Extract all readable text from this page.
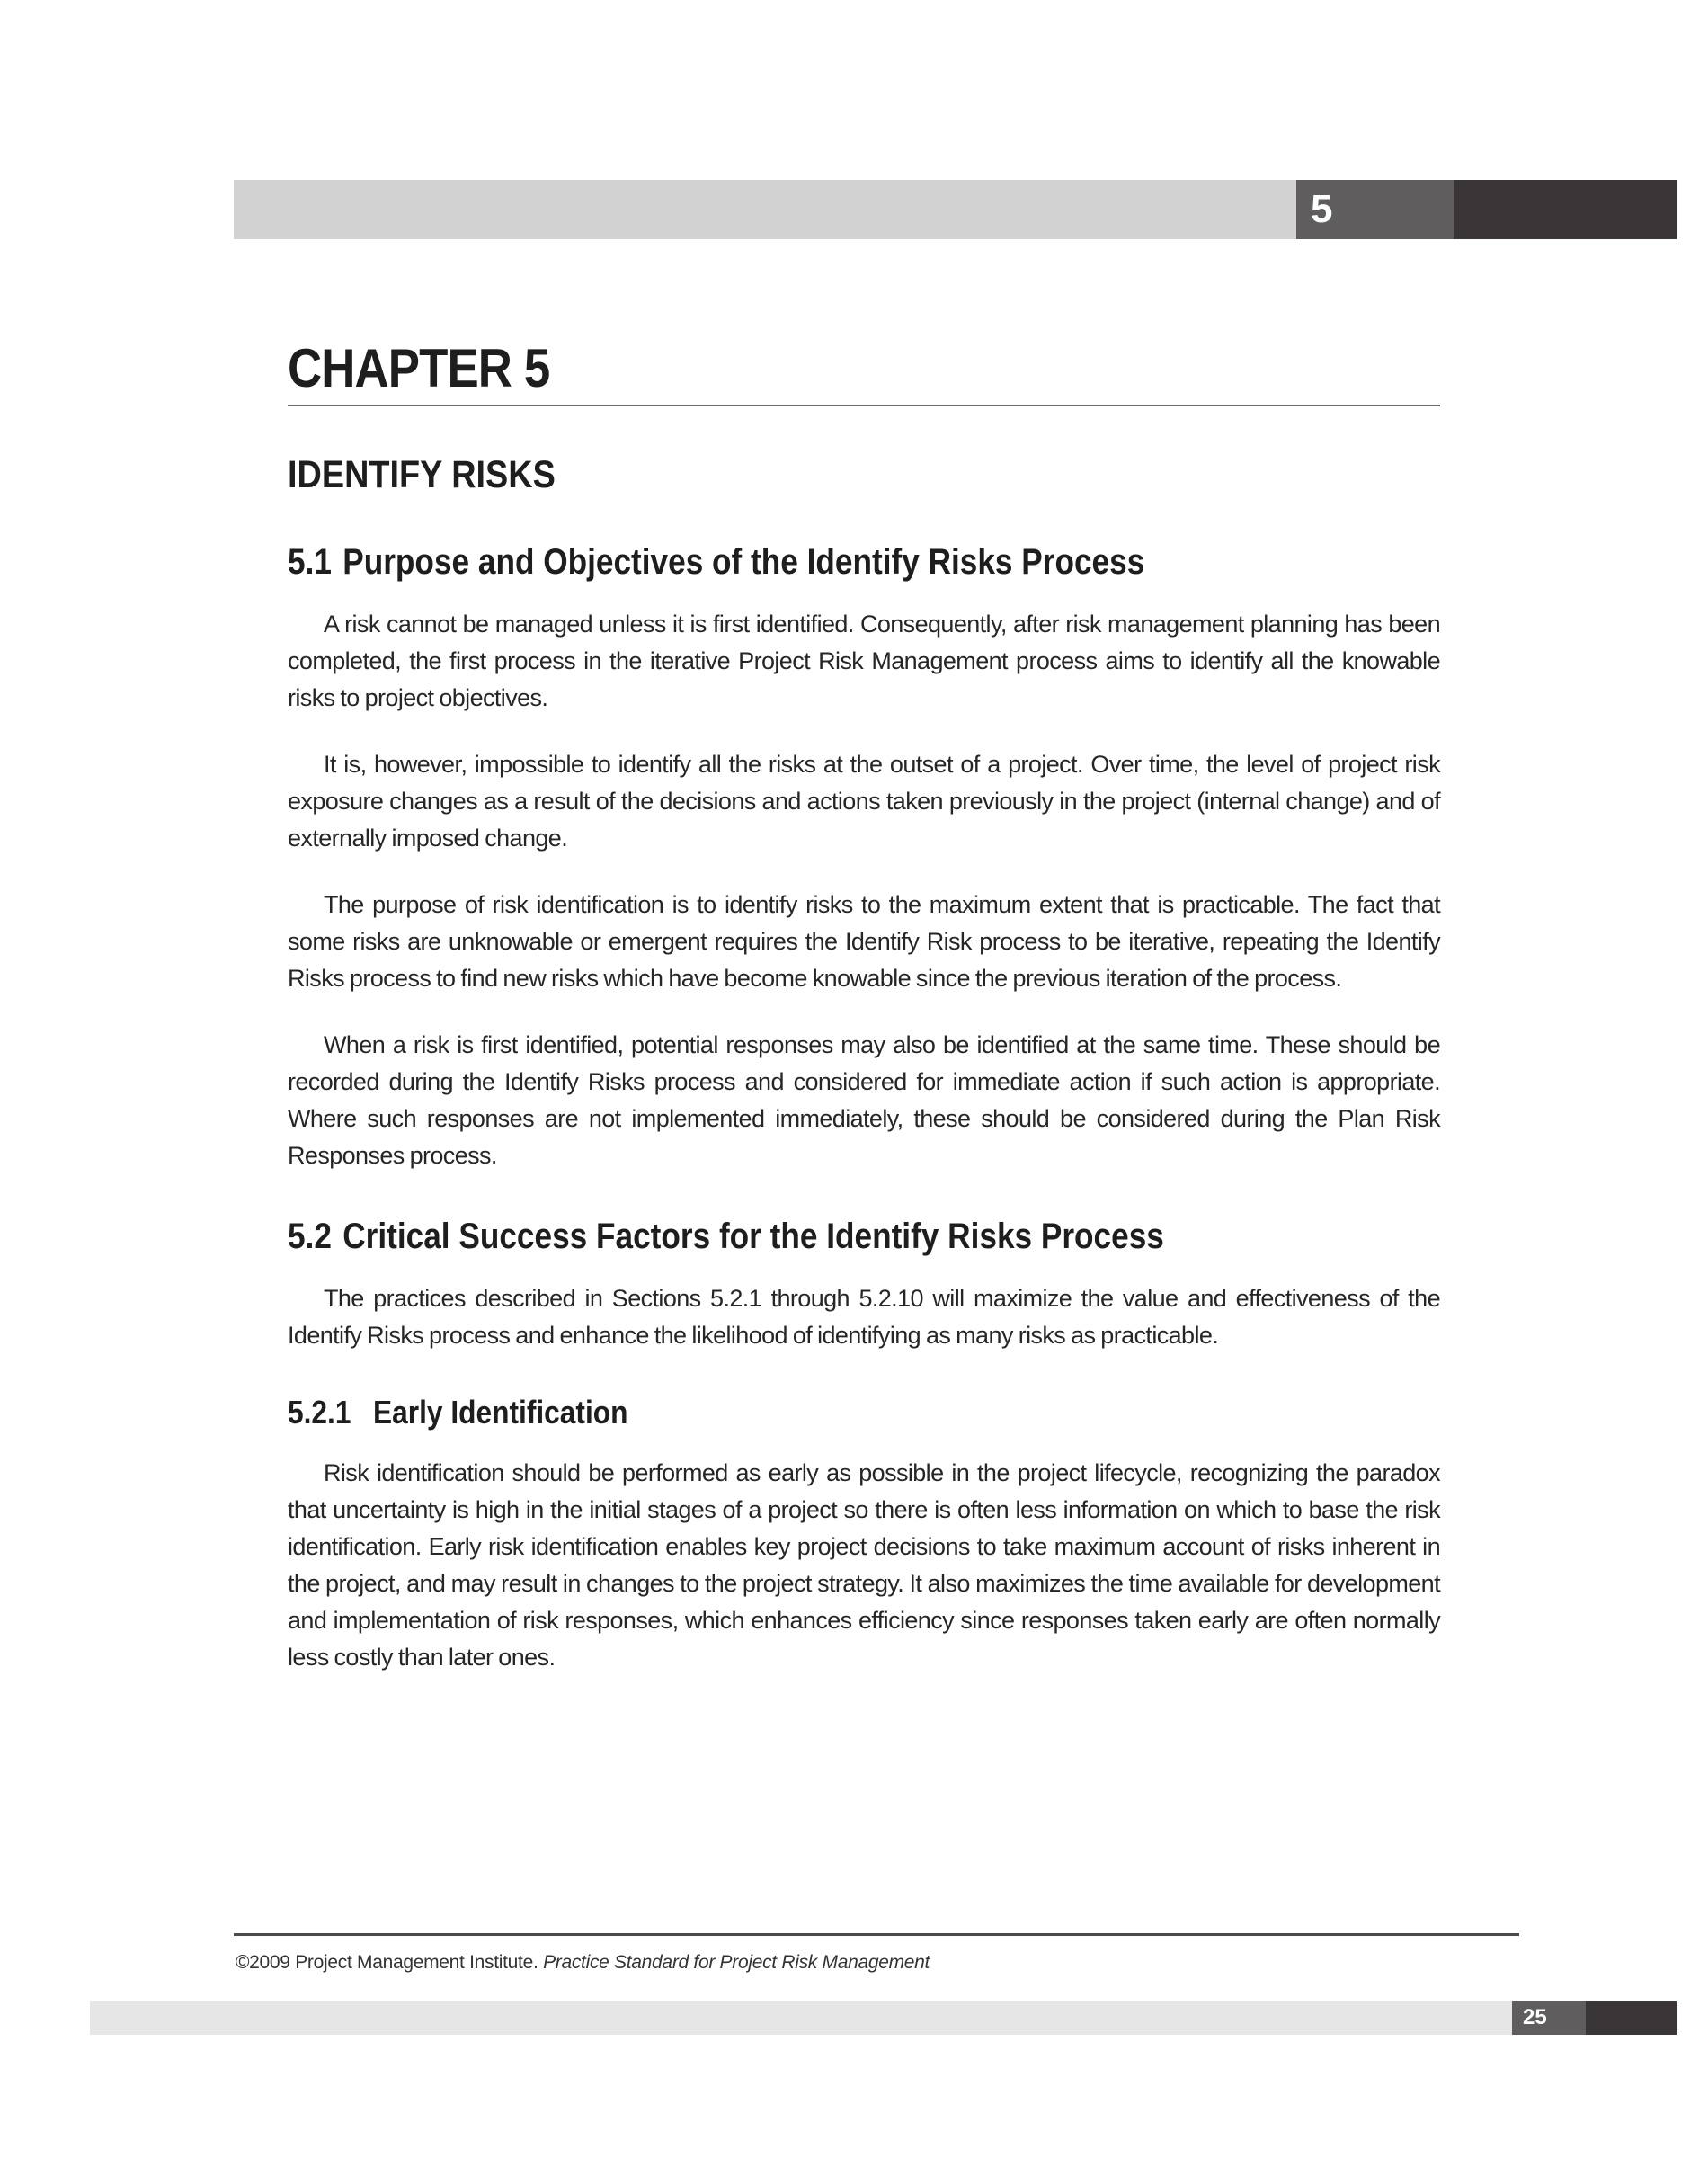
5
CHAPTER 5
IDENTIFY RISKS
5.1 Purpose and Objectives of the Identify Risks Process

A risk cannot be managed unless it is first identified. Consequently, after risk management planning has been completed, the first process in the iterative Project Risk Management process aims to identify all the knowable risks to project objectives.

It is, however, impossible to identify all the risks at the outset of a project. Over time, the level of project risk exposure changes as a result of the decisions and actions taken previously in the project (internal change) and of externally imposed change.

The purpose of risk identification is to identify risks to the maximum extent that is practicable. The fact that some risks are unknowable or emergent requires the Identify Risk process to be iterative, repeating the Identify Risks process to find new risks which have become knowable since the previous iteration of the process.

When a risk is first identified, potential responses may also be identified at the same time. These should be recorded during the Identify Risks process and considered for immediate action if such action is appropriate. Where such responses are not implemented immediately, these should be considered during the Plan Risk Responses process.

5.2 Critical Success Factors for the Identify Risks Process

The practices described in Sections 5.2.1 through 5.2.10 will maximize the value and effectiveness of the Identify Risks process and enhance the likelihood of identifying as many risks as practicable.

5.2.1 Early Identification

Risk identification should be performed as early as possible in the project lifecycle, recognizing the paradox that uncertainty is high in the initial stages of a project so there is often less information on which to base the risk identification. Early risk identification enables key project decisions to take maximum account of risks inherent in the project, and may result in changes to the project strategy. It also maximizes the time available for development and implementation of risk responses, which enhances efficiency since responses taken early are often normally less costly than later ones.

©2009 Project Management Institute. Practice Standard for Project Risk Management
25
